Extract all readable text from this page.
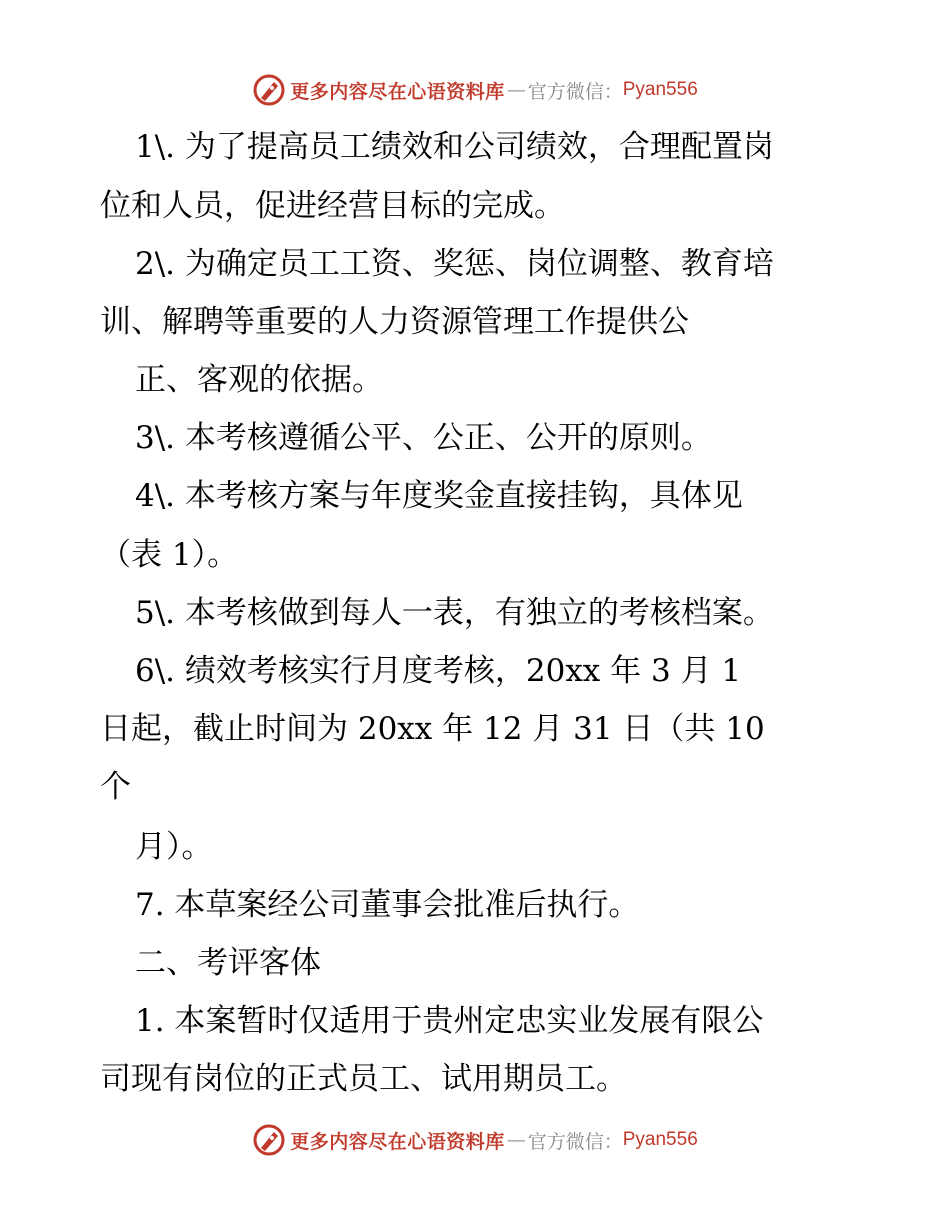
更多内容尽在心语资料库 — 官方微信： Pyan556
1\. 为了提高员工绩效和公司绩效，合理配置岗
位和人员，促进经营目标的完成。
2\. 为确定员工工资、奖惩、岗位调整、教育培
训、解聘等重要的人力资源管理工作提供公
正、客观的依据。
3\. 本考核遵循公平、公正、公开的原则。
4\. 本考核方案与年度奖金直接挂钩，具体见
（表 1）。
5\. 本考核做到每人一表，有独立的考核档案。
6\. 绩效考核实行月度考核，20xx 年 3 月 1
日起，截止时间为 20xx 年 12 月 31 日（共 10
个
月）。
7. 本草案经公司董事会批准后执行。
二、考评客体
1. 本案暂时仅适用于贵州定忠实业发展有限公
司现有岗位的正式员工、试用期员工。
更多内容尽在心语资料库 — 官方微信： Pyan556
